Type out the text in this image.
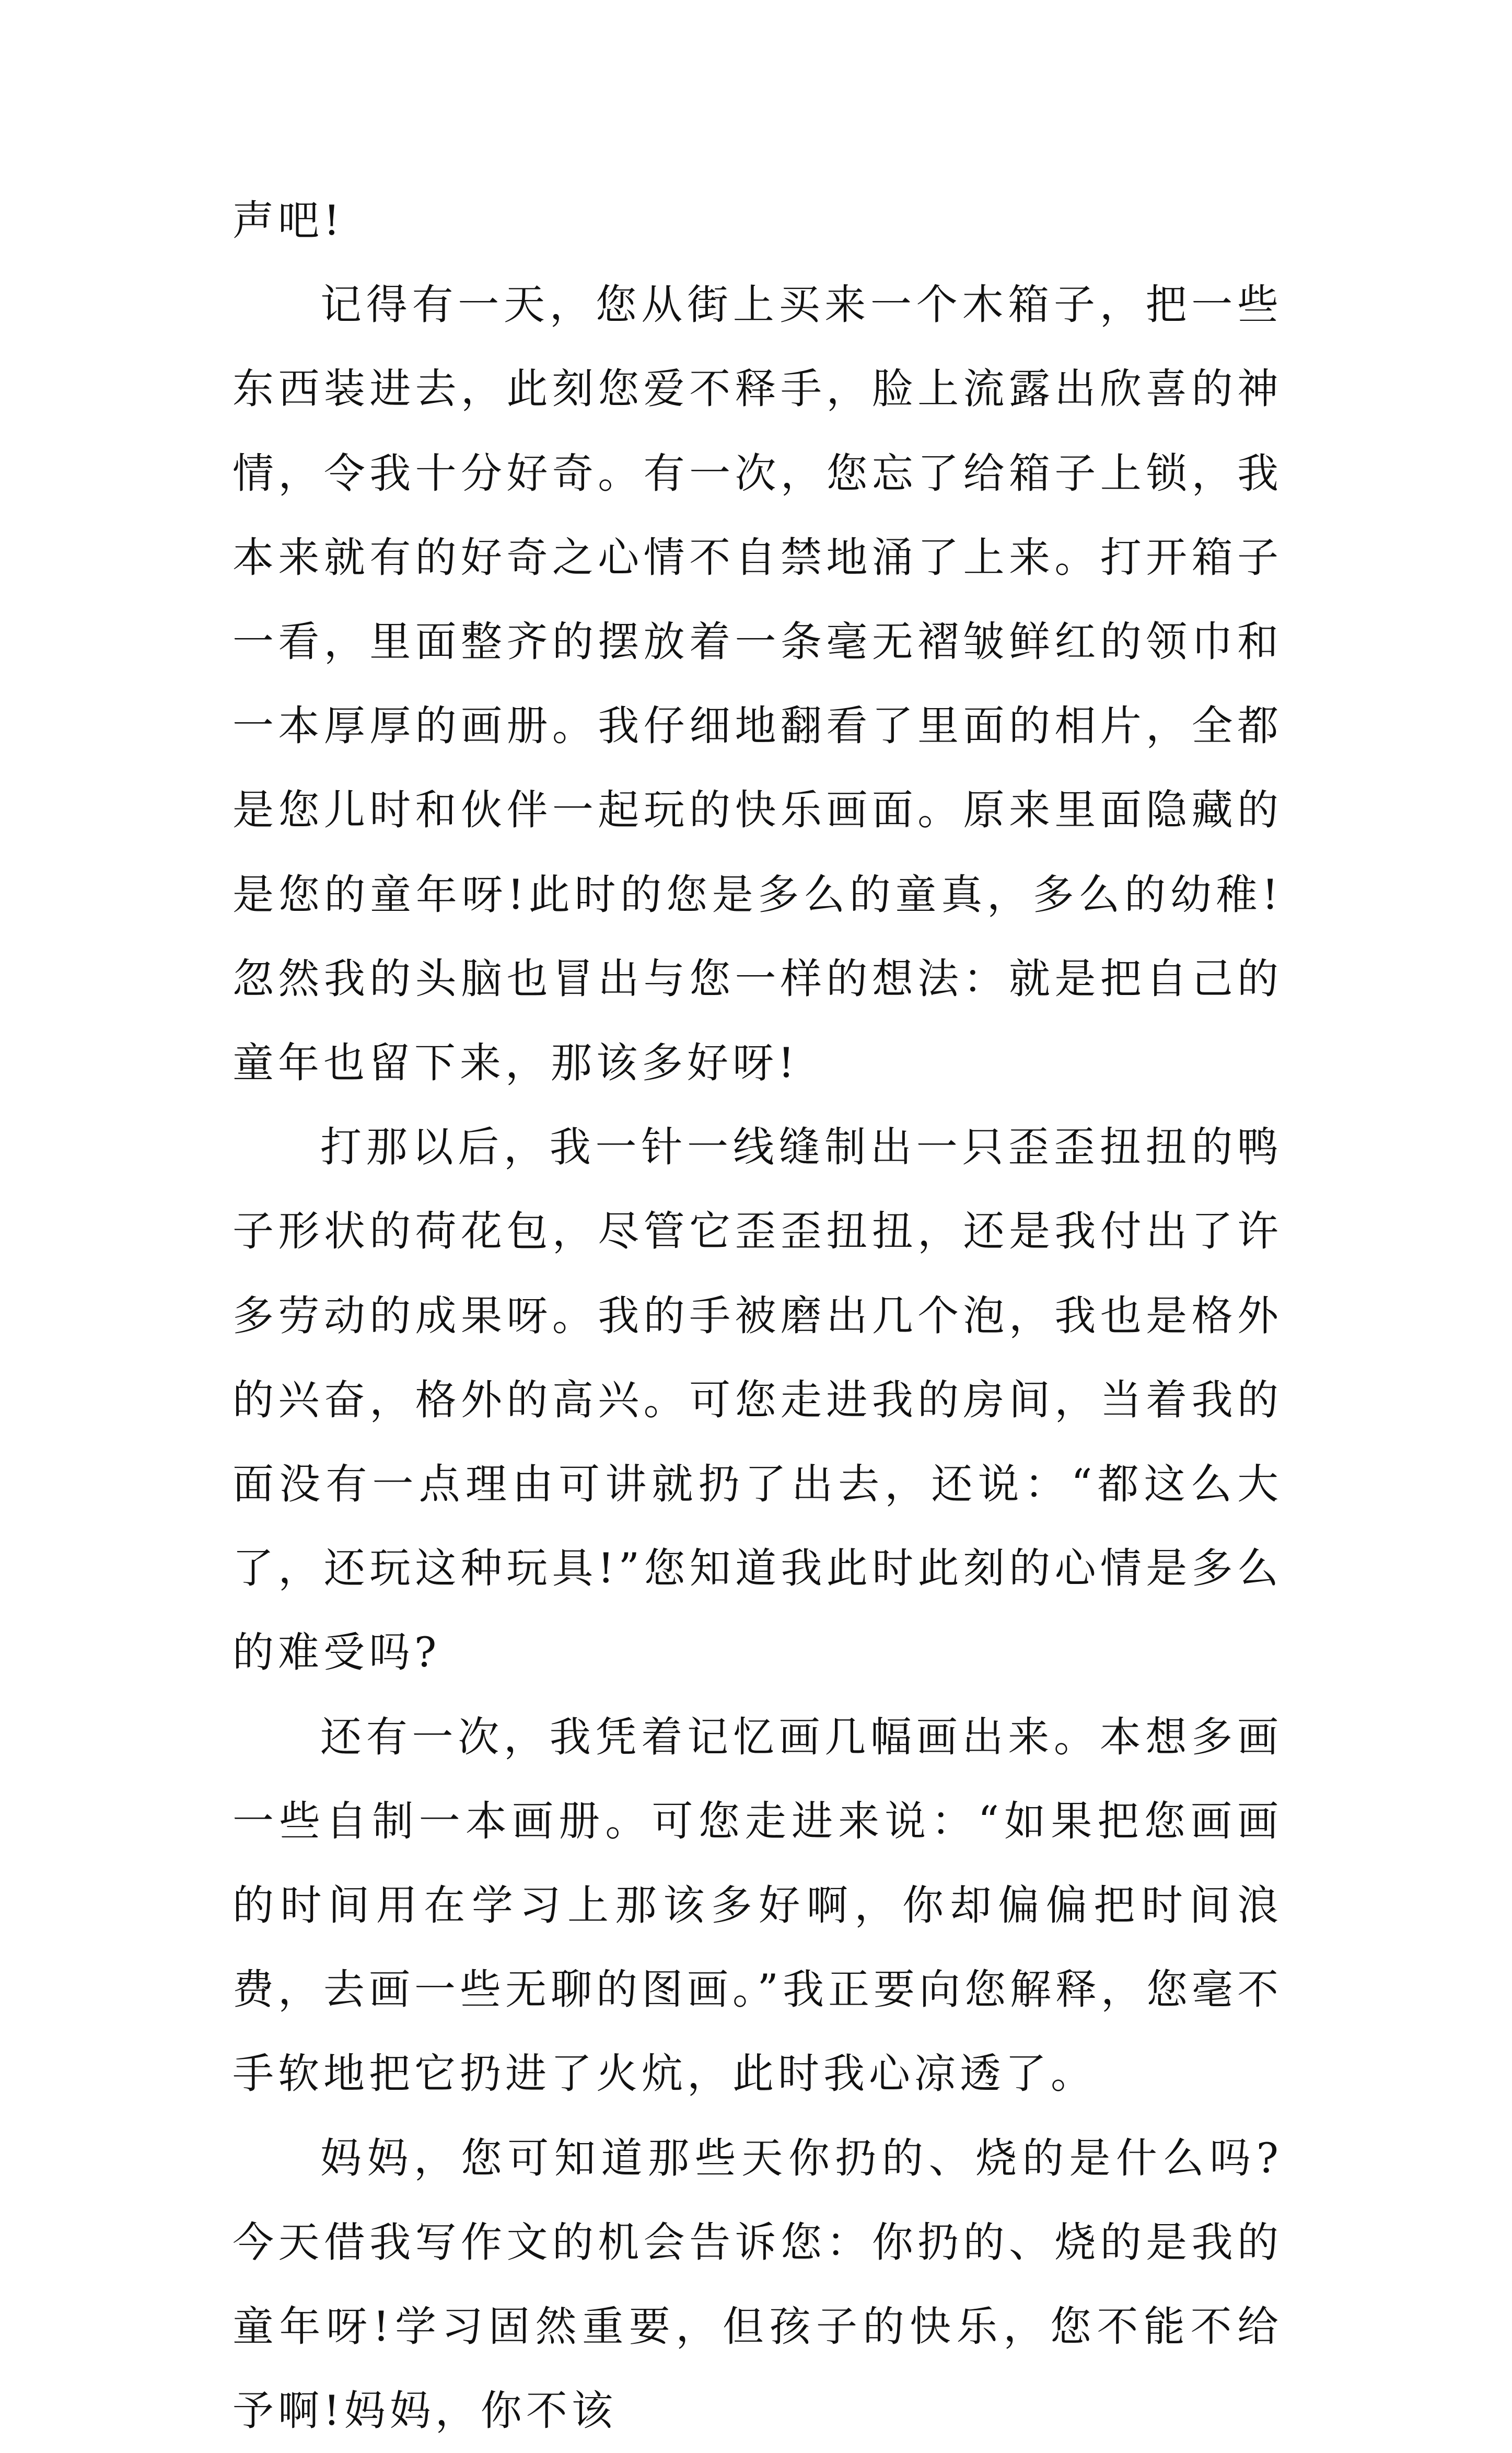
声吧!

记得有一天，您从街上买来一个木箱子，把一些东西装进去，此刻您爱不释手，脸上流露出欣喜的神情，令我十分好奇。有一次，您忘了给箱子上锁，我本来就有的好奇之心情不自禁地涌了上来。打开箱子一看，里面整齐的摆放着一条毫无褶皱鲜红的领巾和一本厚厚的画册。我仔细地翻看了里面的相片，全都是您儿时和伙伴一起玩的快乐画面。原来里面隐藏的是您的童年呀!此时的您是多么的童真，多么的幼稚!忽然我的头脑也冒出与您一样的想法：就是把自己的童年也留下来，那该多好呀!

打那以后，我一针一线缝制出一只歪歪扭扭的鸭子形状的荷花包，尽管它歪歪扭扭，还是我付出了许多劳动的成果呀。我的手被磨出几个泡，我也是格外的兴奋，格外的高兴。可您走进我的房间，当着我的面没有一点理由可讲就扔了出去，还说：“都这么大了，还玩这种玩具!”您知道我此时此刻的心情是多么的难受吗?

还有一次，我凭着记忆画几幅画出来。本想多画一些自制一本画册。可您走进来说：“如果把您画画的时间用在学习上那该多好啊，你却偏偏把时间浪费，去画一些无聊的图画。”我正要向您解释，您毫不手软地把它扔进了火炕，此时我心凉透了。

妈妈，您可知道那些天你扔的、烧的是什么吗?今天借我写作文的机会告诉您：你扔的、烧的是我的童年呀!学习固然重要，但孩子的快乐，您不能不给予啊!妈妈，你不该
